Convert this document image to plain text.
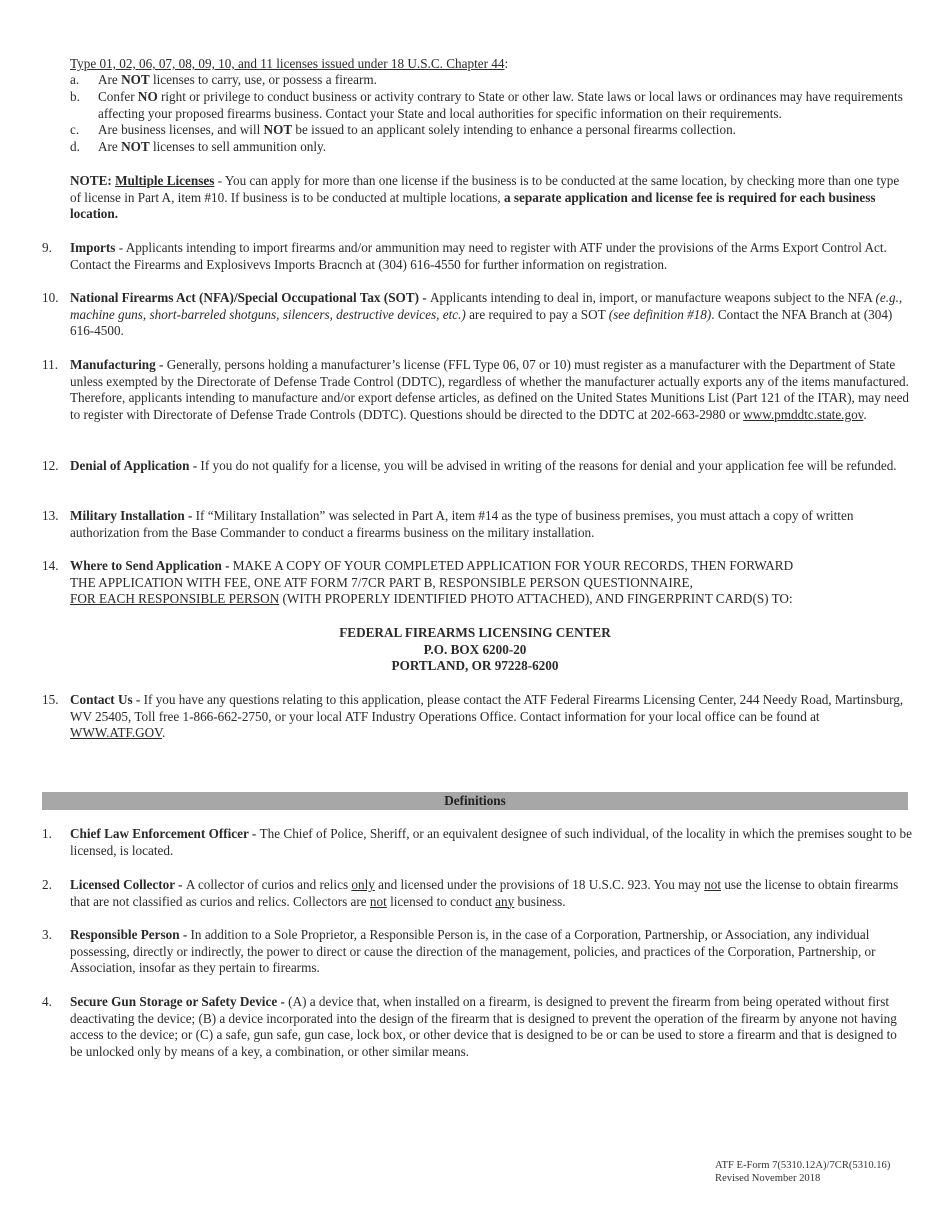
Type 01, 02, 06, 07, 08, 09, 10, and 11 licenses issued under 18 U.S.C. Chapter 44:
a. Are NOT licenses to carry, use, or possess a firearm.
b. Confer NO right or privilege to conduct business or activity contrary to State or other law. State laws or local laws or ordinances may have requirements affecting your proposed firearms business. Contact your State and local authorities for specific information on their requirements.
c. Are business licenses, and will NOT be issued to an applicant solely intending to enhance a personal firearms collection.
d. Are NOT licenses to sell ammunition only.
NOTE: Multiple Licenses - You can apply for more than one license if the business is to be conducted at the same location, by checking more than one type of license in Part A, item #10. If business is to be conducted at multiple locations, a separate application and license fee is required for each business location.
9.	Imports - Applicants intending to import firearms and/or ammunition may need to register with ATF under the provisions of the Arms Export Control Act. Contact the Firearms and Explosivevs Imports Bracnch at (304) 616-4550 for further information on registration.
10. National Firearms Act (NFA)/Special Occupational Tax (SOT) - Applicants intending to deal in, import, or manufacture weapons subject to the NFA (e.g., machine guns, short-barreled shotguns, silencers, destructive devices, etc.) are required to pay a SOT (see definition #18). Contact the NFA Branch at (304) 616-4500.
11. Manufacturing - Generally, persons holding a manufacturer’s license (FFL Type 06, 07 or 10) must register as a manufacturer with the Department of State unless exempted by the Directorate of Defense Trade Control (DDTC), regardless of whether the manufacturer actually exports any of the items manufactured. Therefore, applicants intending to manufacture and/or export defense articles, as defined on the United States Munitions List (Part 121 of the ITAR), may need to register with Directorate of Defense Trade Controls (DDTC). Questions should be directed to the DDTC at 202-663-2980 or www.pmddtc.state.gov.
12. Denial of Application - If you do not qualify for a license, you will be advised in writing of the reasons for denial and your application fee will be refunded.
13. Military Installation - If “Military Installation” was selected in Part A, item #14 as the type of business premises, you must attach a copy of written authorization from the Base Commander to conduct a firearms business on the military installation.
14. Where to Send Application - MAKE A COPY OF YOUR COMPLETED APPLICATION FOR YOUR RECORDS, THEN FORWARD
THE APPLICATION WITH FEE, ONE ATF FORM 7/7CR PART B, RESPONSIBLE PERSON QUESTIONNAIRE,
FOR EACH RESPONSIBLE PERSON (WITH PROPERLY IDENTIFIED PHOTO ATTACHED), AND FINGERPRINT CARD(S) TO:
FEDERAL FIREARMS LICENSING CENTER
P.O. BOX 6200-20
PORTLAND, OR 97228-6200
15. Contact Us - If you have any questions relating to this application, please contact the ATF Federal Firearms Licensing Center, 244 Needy Road, Martinsburg, WV 25405, Toll free 1-866-662-2750, or your local ATF Industry Operations Office. Contact information for your local office can be found at WWW.ATF.GOV.
Definitions
1.	Chief Law Enforcement Officer - The Chief of Police, Sheriff, or an equivalent designee of such individual, of the locality in which the premises sought to be licensed, is located.
2.	Licensed Collector - A collector of curios and relics only and licensed under the provisions of 18 U.S.C. 923. You may not use the license to obtain firearms that are not classified as curios and relics. Collectors are not licensed to conduct any business.
3.	Responsible Person - In addition to a Sole Proprietor, a Responsible Person is, in the case of a Corporation, Partnership, or Association, any individual possessing, directly or indirectly, the power to direct or cause the direction of the management, policies, and practices of the Corporation, Partnership, or Association, insofar as they pertain to firearms.
4.	Secure Gun Storage or Safety Device - (A) a device that, when installed on a firearm, is designed to prevent the firearm from being operated without first deactivating the device; (B) a device incorporated into the design of the firearm that is designed to prevent the operation of the firearm by anyone not having access to the device; or (C) a safe, gun safe, gun case, lock box, or other device that is designed to be or can be used to store a firearm and that is designed to be unlocked only by means of a key, a combination, or other similar means.
ATF E-Form 7(5310.12A)/7CR(5310.16)
Revised November 2018
